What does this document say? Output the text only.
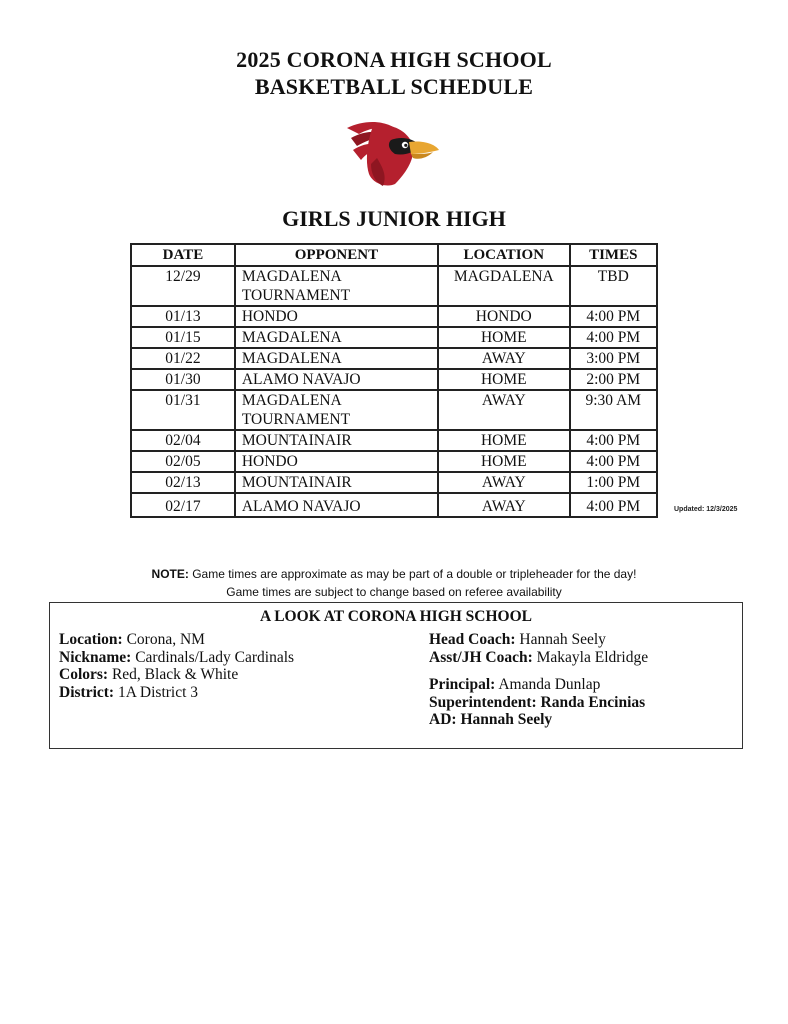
2025 CORONA HIGH SCHOOL
BASKETBALL SCHEDULE
GIRLS JUNIOR HIGH
DATE	OPPONENT	LOCATION	TIMES
12/29	MAGDALENA TOURNAMENT	MAGDALENA	TBD
01/13	HONDO	HONDO	4:00 PM
01/15	MAGDALENA	HOME	4:00 PM
01/22	MAGDALENA	AWAY	3:00 PM
01/30	ALAMO NAVAJO	HOME	2:00 PM
01/31	MAGDALENA TOURNAMENT	AWAY	9:30 AM
02/04	MOUNTAINAIR	HOME	4:00 PM
02/05	HONDO	HOME	4:00 PM
02/13	MOUNTAINAIR	AWAY	1:00 PM
02/17	ALAMO NAVAJO	AWAY	4:00 PM	Updated: 12/3/2025
NOTE: Game times are approximate as may be part of a double or tripleheader for the day!
Game times are subject to change based on referee availability
A LOOK AT CORONA HIGH SCHOOL
Location: Corona, NM
Nickname: Cardinals/Lady Cardinals
Colors: Red, Black & White
District: 1A District 3
Head Coach: Hannah Seely
Asst/JH Coach: Makayla Eldridge
Principal: Amanda Dunlap
Superintendent: Randa Encinias
AD: Hannah Seely
